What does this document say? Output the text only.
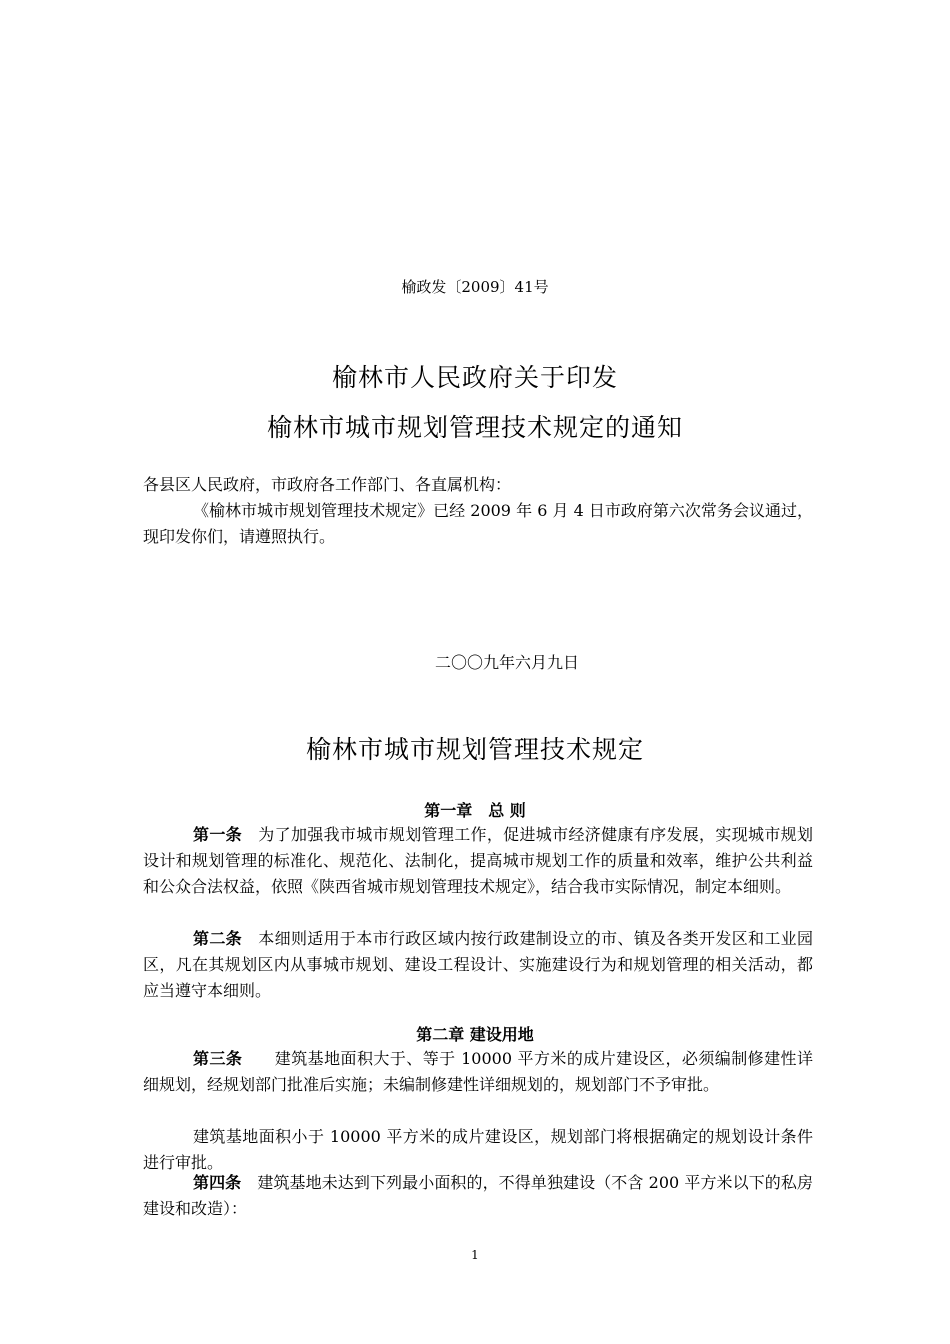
榆政发〔2009〕41号
榆林市人民政府关于印发
榆林市城市规划管理技术规定的通知
各县区人民政府，市政府各工作部门、各直属机构：
《榆林市城市规划管理技术规定》已经 2009 年 6 月 4 日市政府第六次常务会议通过，现印发你们，请遵照执行。
二〇〇九年六月九日
榆林市城市规划管理技术规定
第一章　总 则
第一条  为了加强我市城市规划管理工作，促进城市经济健康有序发展，实现城市规划设计和规划管理的标准化、规范化、法制化，提高城市规划工作的质量和效率，维护公共利益和公众合法权益，依照《陕西省城市规划管理技术规定》，结合我市实际情况，制定本细则。
第二条  本细则适用于本市行政区域内按行政建制设立的市、镇及各类开发区和工业园区，凡在其规划区内从事城市规划、建设工程设计、实施建设行为和规划管理的相关活动，都应当遵守本细则。
第二章 建设用地
第三条   建筑基地面积大于、等于 10000 平方米的成片建设区，必须编制修建性详细规划，经规划部门批准后实施；未编制修建性详细规划的，规划部门不予审批。
建筑基地面积小于 10000 平方米的成片建设区，规划部门将根据确定的规划设计条件进行审批。
第四条  建筑基地未达到下列最小面积的，不得单独建设（不含 200 平方米以下的私房建设和改造）：
1
